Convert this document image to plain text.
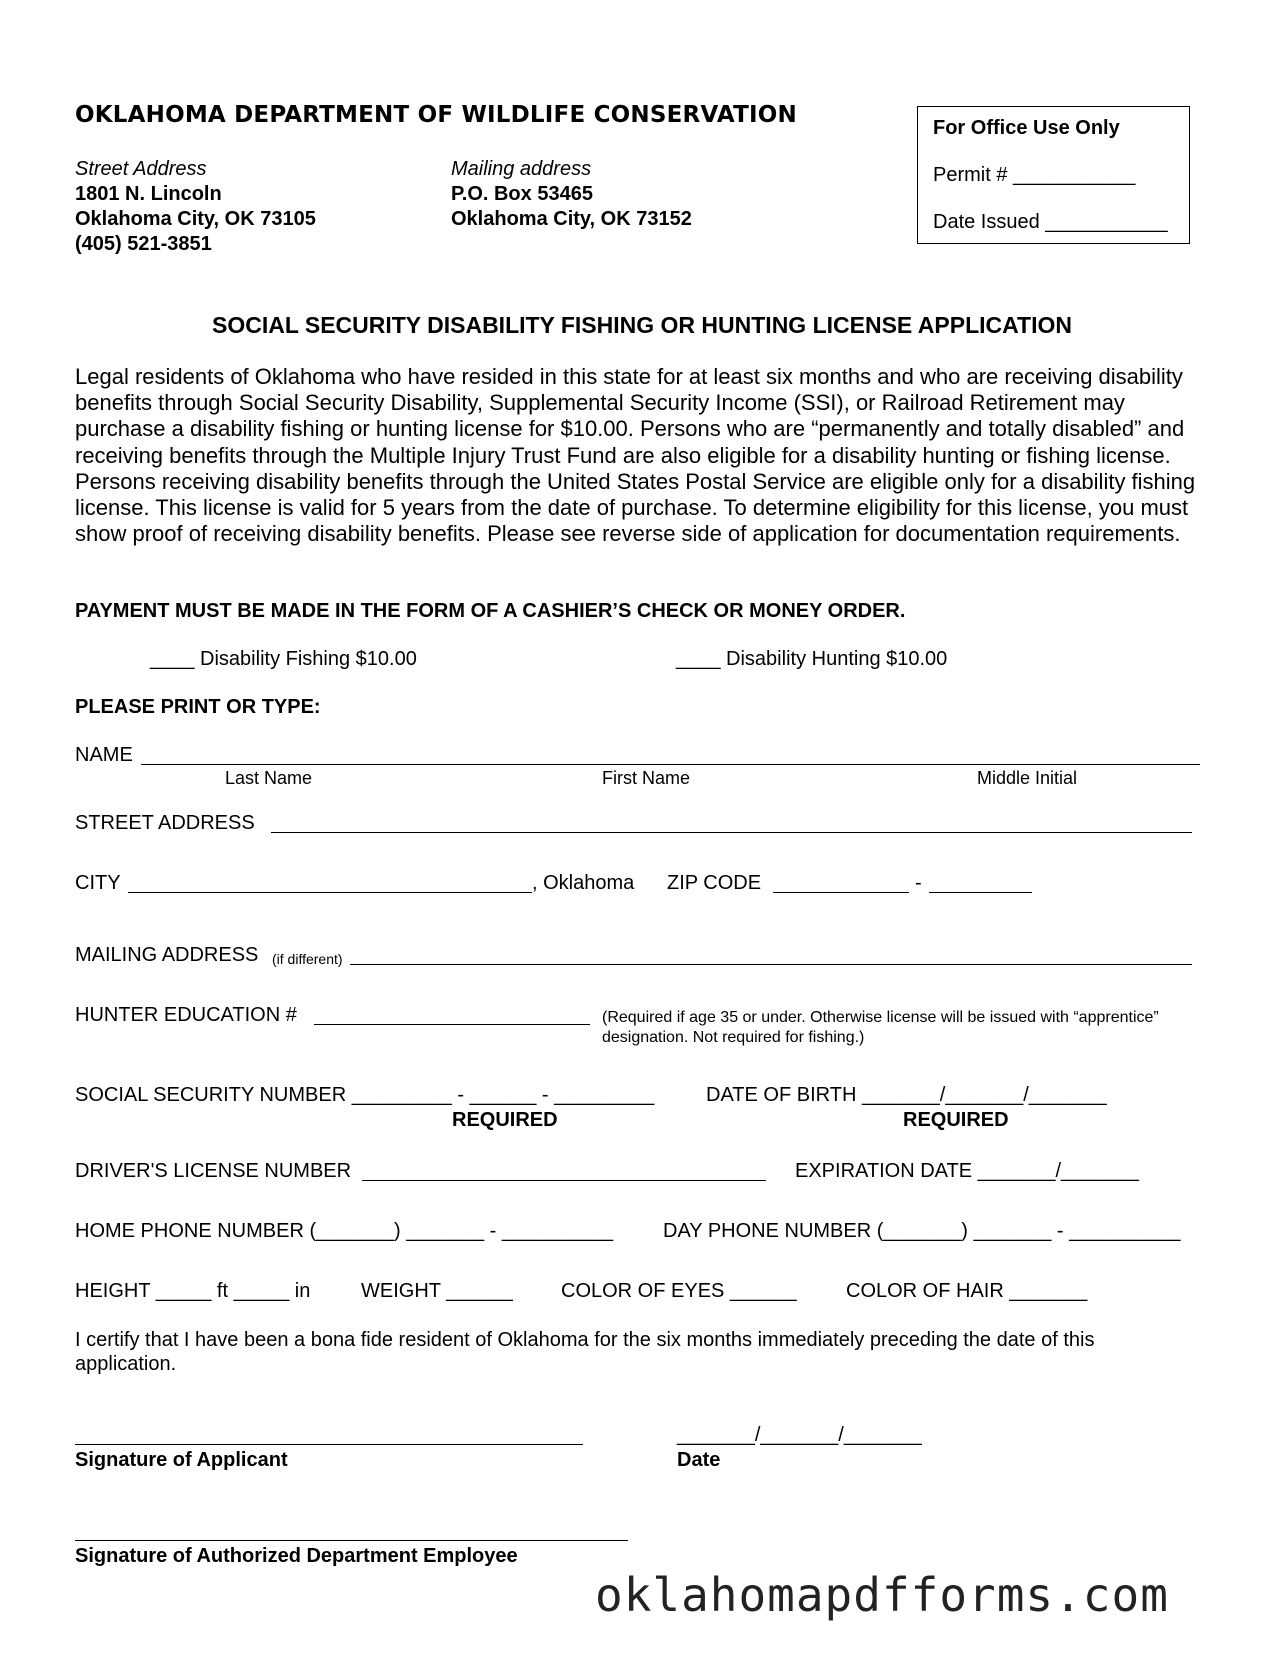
OKLAHOMA DEPARTMENT OF WILDLIFE CONSERVATION
Street Address
1801 N. Lincoln
Oklahoma City, OK 73105
(405) 521-3851
Mailing address
P.O. Box 53465
Oklahoma City, OK 73152
For Office Use Only
Permit # ___________
Date Issued ___________
SOCIAL SECURITY DISABILITY FISHING OR HUNTING LICENSE APPLICATION
Legal residents of Oklahoma who have resided in this state for at least six months and who are receiving disability benefits through Social Security Disability, Supplemental Security Income (SSI), or Railroad Retirement may purchase a disability fishing or hunting license for $10.00. Persons who are “permanently and totally disabled” and receiving benefits through the Multiple Injury Trust Fund are also eligible for a disability hunting or fishing license. Persons receiving disability benefits through the United States Postal Service are eligible only for a disability fishing license. This license is valid for 5 years from the date of purchase. To determine eligibility for this license, you must show proof of receiving disability benefits. Please see reverse side of application for documentation requirements.
PAYMENT MUST BE MADE IN THE FORM OF A CASHIER’S CHECK OR MONEY ORDER.
____ Disability Fishing $10.00	____ Disability Hunting $10.00
PLEASE PRINT OR TYPE:
NAME
Last Name	First Name	Middle Initial
STREET ADDRESS
CITY	, Oklahoma ZIP CODE	-
MAILING ADDRESS (if different)
HUNTER EDUCATION #	(Required if age 35 or under. Otherwise license will be issued with “apprentice” designation. Not required for fishing.)
SOCIAL SECURITY NUMBER _________ - ______ - _________
REQUIRED
DATE OF BIRTH _______/_______/_______
REQUIRED
DRIVER'S LICENSE NUMBER	EXPIRATION DATE _______/_______
HOME PHONE NUMBER (_______) _______ - __________ DAY PHONE NUMBER (_______) _______ - __________
HEIGHT _____ ft _____ in	WEIGHT ______ COLOR OF EYES ______ COLOR OF HAIR _______
I certify that I have been a bona fide resident of Oklahoma for the six months immediately preceding the date of this application.
Signature of Applicant
_______/_______/_______
Date
Signature of Authorized Department Employee
oklahomapdfforms.com
